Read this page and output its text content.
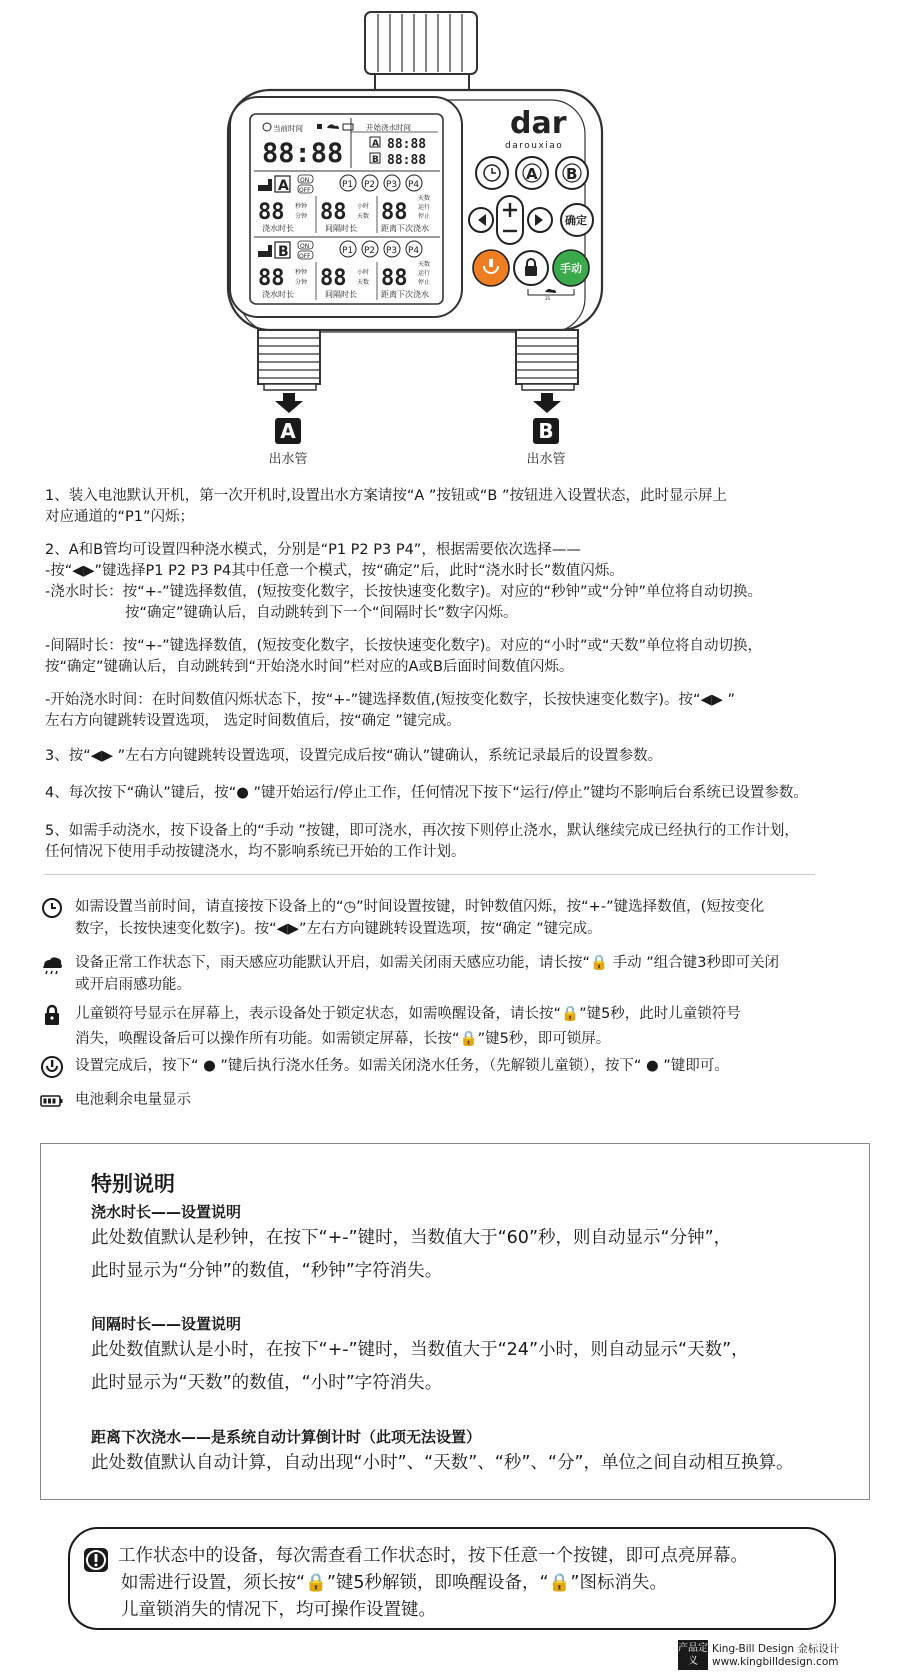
当前时间	开始浇水时间
88:88	A 88:88
B 88:88
A ON
OFF
P1 P2 P3 P4
88 秒钟
分钟 88 小时
天数 88
天数
运行
停止
浇水时长	间隔时长	距离下次浇水
B ON
OFF
P1 P2 P3 P4
88 秒钟
分钟 88 小时
天数 88
天数
运行
停止
浇水时长	间隔时长	距离下次浇水
dar
darouxiao
A B
确定
手动
3S
A
出水管
B
出水管
1、装入电池默认开机，第一次开机时,设置出水方案请按“A ”按钮或“B ”按钮进入设置状态，此时显示屏上
对应通道的“P1”闪烁；
2、A和B管均可设置四种浇水模式，分别是“P1 P2 P3 P4”，根据需要依次选择——
-按“◀▶”键选择P1 P2 P3 P4其中任意一个模式，按“确定”后，此时“浇水时长”数值闪烁。
-浇水时长：按“+-”键选择数值，(短按变化数字，长按快速变化数字)。对应的“秒钟”或“分钟”单位将自动切换。
按“确定”键确认后，自动跳转到下一个“间隔时长”数字闪烁。
-间隔时长：按“+-”键选择数值，(短按变化数字，长按快速变化数字)。对应的“小时”或“天数”单位将自动切换，
按“确定”键确认后，自动跳转到“开始浇水时间”栏对应的A或B后面时间数值闪烁。
-开始浇水时间：在时间数值闪烁状态下，按“+-”键选择数值,(短按变化数字，长按快速变化数字)。按“◀▶ ”
左右方向键跳转设置选项， 选定时间数值后，按“确定 ”键完成。
3、按“◀▶ ”左右方向键跳转设置选项，设置完成后按“确认”键确认，系统记录最后的设置参数。
4、每次按下“确认”键后，按“● ”键开始运行/停止工作，任何情况下按下“运行/停止”键均不影响后台系统已设置参数。
5、如需手动浇水，按下设备上的“手动 ”按键，即可浇水，再次按下则停止浇水，默认继续完成已经执行的工作计划，
任何情况下使用手动按键浇水，均不影响系统已开始的工作计划。
如需设置当前时间，请直接按下设备上的“◷”时间设置按键，时钟数值闪烁，按“+-”键选择数值，(短按变化
数字，长按快速变化数字)。按“◀▶”左右方向键跳转设置选项，按“确定 ”键完成。
设备正常工作状态下，雨天感应功能默认开启，如需关闭雨天感应功能，请长按“🔒 手动 ”组合键3秒即可关闭
或开启雨感功能。
儿童锁符号显示在屏幕上，表示设备处于锁定状态，如需唤醒设备，请长按“🔒”键5秒，此时儿童锁符号
消失，唤醒设备后可以操作所有功能。如需锁定屏幕，长按“🔒”键5秒，即可锁屏。
设置完成后，按下“ ● ”键后执行浇水任务。如需关闭浇水任务，（先解锁儿童锁），按下“ ● ”键即可。
电池剩余电量显示
特别说明
浇水时长——设置说明
此处数值默认是秒钟，在按下“+-”键时，当数值大于“60”秒，则自动显示“分钟”，
此时显示为“分钟”的数值，“秒钟”字符消失。
间隔时长——设置说明
此处数值默认是小时，在按下“+-”键时，当数值大于“24”小时，则自动显示“天数”，
此时显示为“天数”的数值，“小时”字符消失。
距离下次浇水——是系统自动计算倒计时（此项无法设置）
此处数值默认自动计算，自动出现“小时”、“天数”、“秒”、“分”，单位之间自动相互换算。
工作状态中的设备，每次需查看工作状态时，按下任意一个按键，即可点亮屏幕。
如需进行设置，须长按“🔒”键5秒解锁，即唤醒设备，“🔒”图标消失。
儿童锁消失的情况下，均可操作设置键。
产品定义
King-Bill Design 金标设计
www.kingbilldesign.com
